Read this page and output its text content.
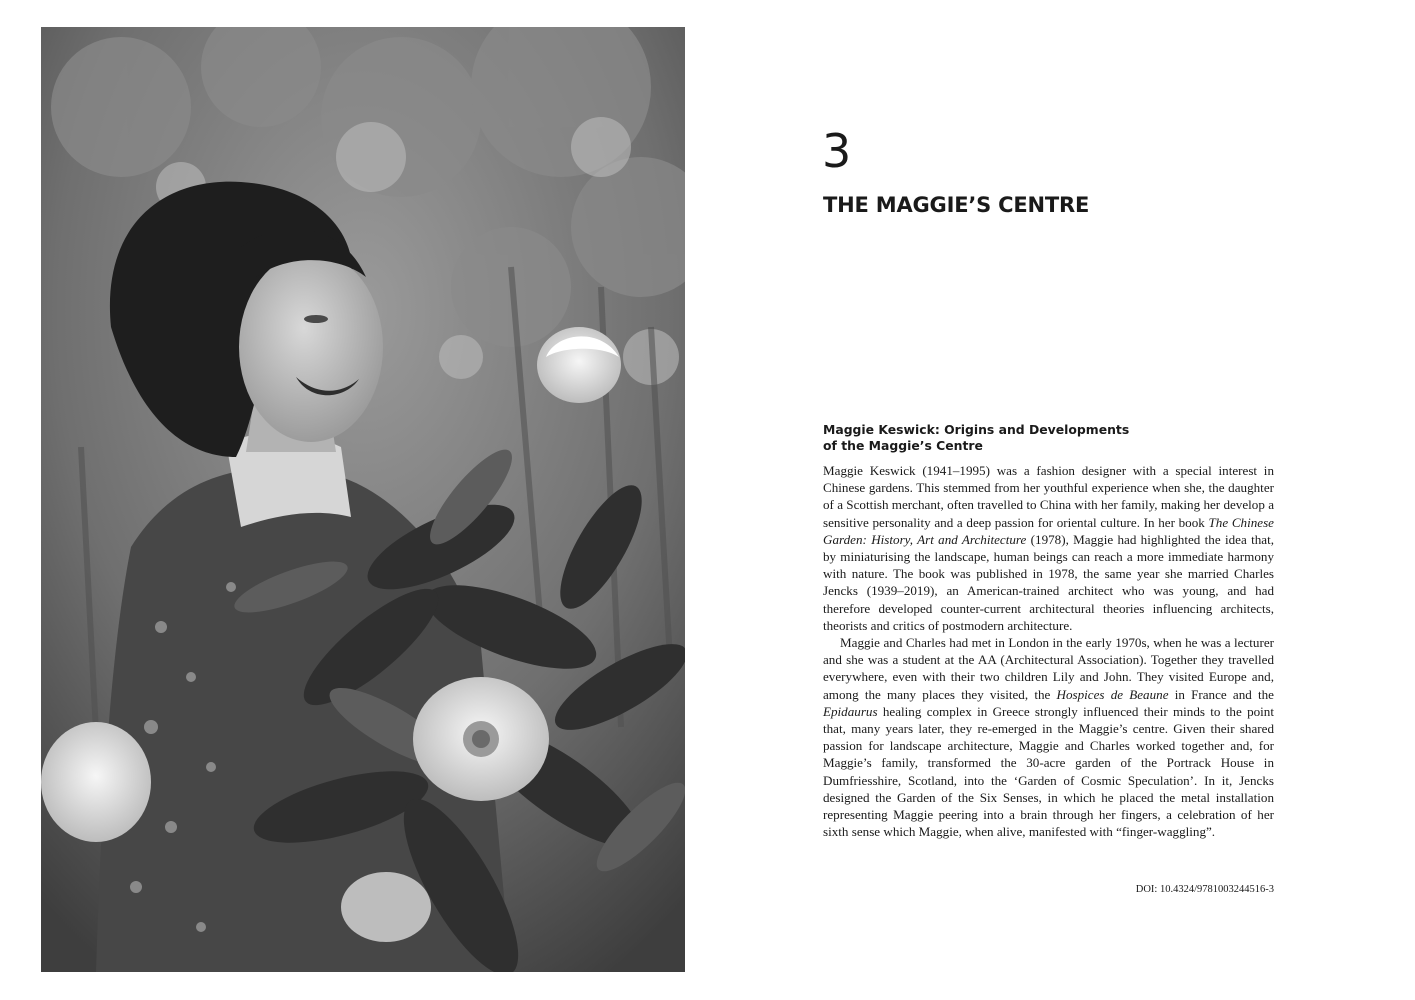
3
THE MAGGIE’S CENTRE
Maggie Keswick: Origins and Developments
of the Maggie’s Centre

Maggie Keswick (1941–1995) was a fashion designer with a special interest in Chinese gardens. This stemmed from her youthful experience when she, the daughter of a Scottish merchant, often travelled to China with her family, making her develop a sensitive personality and a deep passion for oriental culture. In her book The Chinese Garden: History, Art and Architecture (1978), Maggie had highlighted the idea that, by miniaturising the landscape, human beings can reach a more immediate harmony with nature. The book was published in 1978, the same year she married Charles Jencks (1939–2019), an American-trained architect who was young, and had therefore developed counter-current architectural theories influencing architects, theorists and critics of postmodern architecture.

Maggie and Charles had met in London in the early 1970s, when he was a lecturer and she was a student at the AA (Architectural Association). Together they travelled everywhere, even with their two children Lily and John. They visited Europe and, among the many places they visited, the Hospices de Beaune in France and the Epidaurus healing complex in Greece strongly influenced their minds to the point that, many years later, they re-emerged in the Maggie’s centre. Given their shared passion for landscape architecture, Maggie and Charles worked together and, for Maggie’s family, transformed the 30-acre garden of the Portrack House in Dumfriesshire, Scotland, into the ‘Garden of Cosmic Speculation’. In it, Jencks designed the Garden of the Six Senses, in which he placed the metal installation representing Maggie peering into a brain through her fingers, a celebration of her sixth sense which Maggie, when alive, manifested with “finger-waggling”.

DOI: 10.4324/9781003244516-3
